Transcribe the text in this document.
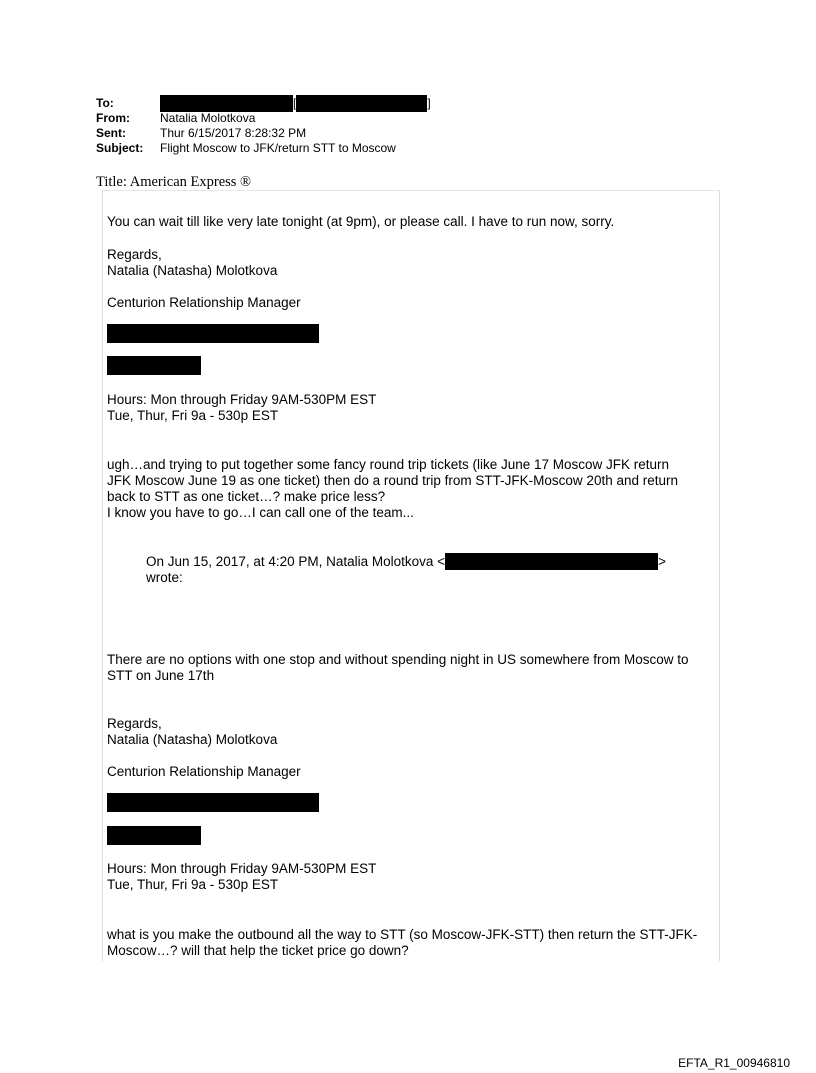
To:	[	]
From:	Natalia Molotkova
Sent:	Thur 6/15/2017 8:28:32 PM
Subject:	Flight Moscow to JFK/return STT to Moscow
Title: American Express ®
You can wait till like very late tonight (at 9pm), or please call. I have to run now, sorry.
Regards,
Natalia (Natasha) Molotkova
Centurion Relationship Manager
Hours: Mon through Friday 9AM-530PM EST
Tue, Thur, Fri 9a - 530p EST
ugh…and trying to put together some fancy round trip tickets (like June 17 Moscow JFK return
JFK Moscow June 19 as one ticket) then do a round trip from STT-JFK-Moscow 20th and return
back to STT as one ticket…? make price less?
I know you have to go…I can call one of the team...
On Jun 15, 2017, at 4:20 PM, Natalia Molotkova <	>
wrote:
There are no options with one stop and without spending night in US somewhere from Moscow to
STT on June 17th
Regards,
Natalia (Natasha) Molotkova
Centurion Relationship Manager
Hours: Mon through Friday 9AM-530PM EST
Tue, Thur, Fri 9a - 530p EST
what is you make the outbound all the way to STT (so Moscow-JFK-STT) then return the STT-JFK-
Moscow…? will that help the ticket price go down?
EFTA_R1_00946810
